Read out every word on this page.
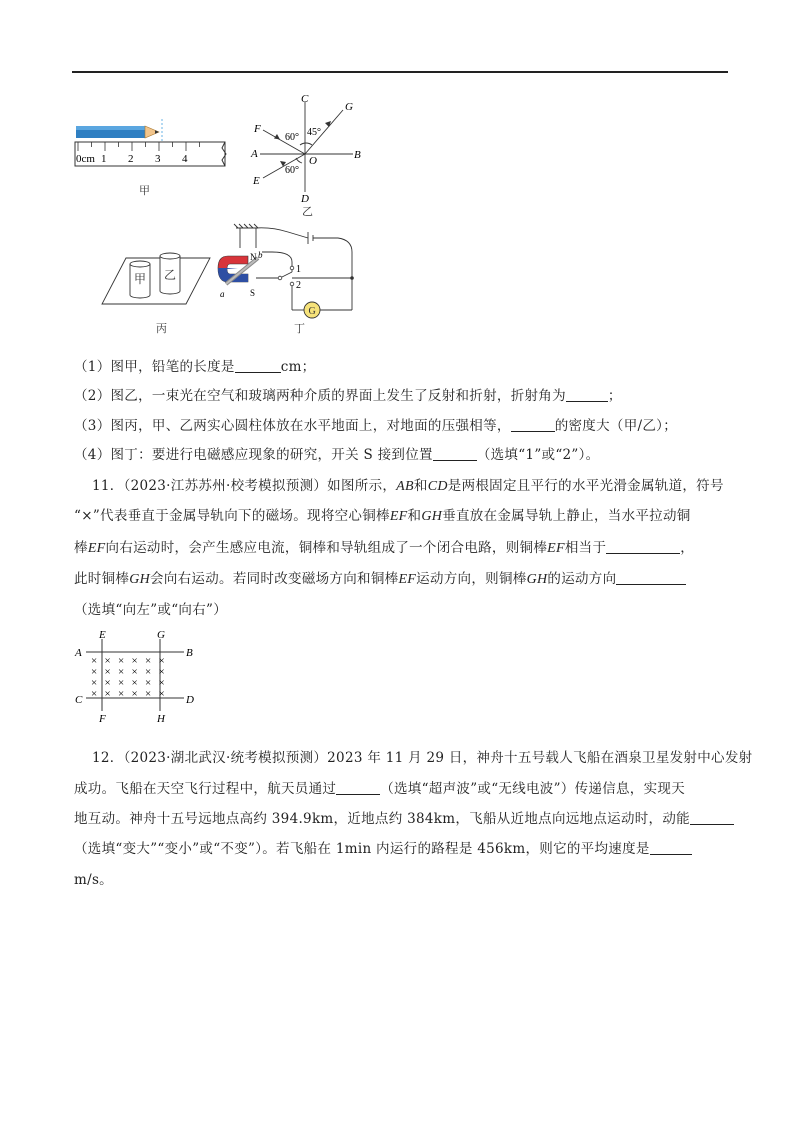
0cm 1 2 3 4
甲
C
G
F
A
O	B
E
D
60° 45°
60°
乙
甲 乙
丙
G
N
S
a
b
1
2
丁
（1）图甲，铅笔的长度是	cm；
（2）图乙，一束光在空气和玻璃两种介质的界面上发生了反射和折射，折射角为	；
（3）图丙，甲、乙两实心圆柱体放在水平地面上，对地面的压强相等，	的密度大（甲/乙）；
（4）图丁：要进行电磁感应现象的研究，开关 S 接到位置	（选填“1”或“2”）。
11．（2023·江苏苏州·校考模拟预测）如图所示，AB和CD是两根固定且平行的水平光滑金属轨道，符号
“×”代表垂直于金属导轨向下的磁场。现将空心铜棒EF和GH垂直放在金属导轨上静止，当水平拉动铜
棒EF向右运动时，会产生感应电流，铜棒和导轨组成了一个闭合电路，则铜棒EF相当于	，
此时铜棒GH会向右运动。若同时改变磁场方向和铜棒EF运动方向，则铜棒GH的运动方向
（选填“向左”或“向右”）
× × × × × ×
× × × × × ×
× × × × × ×
× × × × × ×
E	G
A	B
C	D
F	H
12．（2023·湖北武汉·统考模拟预测）2023 年 11 月 29 日，神舟十五号载人飞船在酒泉卫星发射中心发射
成功。飞船在天空飞行过程中，航天员通过	（选填“超声波”或“无线电波”）传递信息，实现天
地互动。神舟十五号远地点高约 394.9km，近地点约 384km，飞船从近地点向远地点运动时，动能
（选填“变大”“变小”或“不变”）。若飞船在 1min 内运行的路程是 456km，则它的平均速度是
m/s。
